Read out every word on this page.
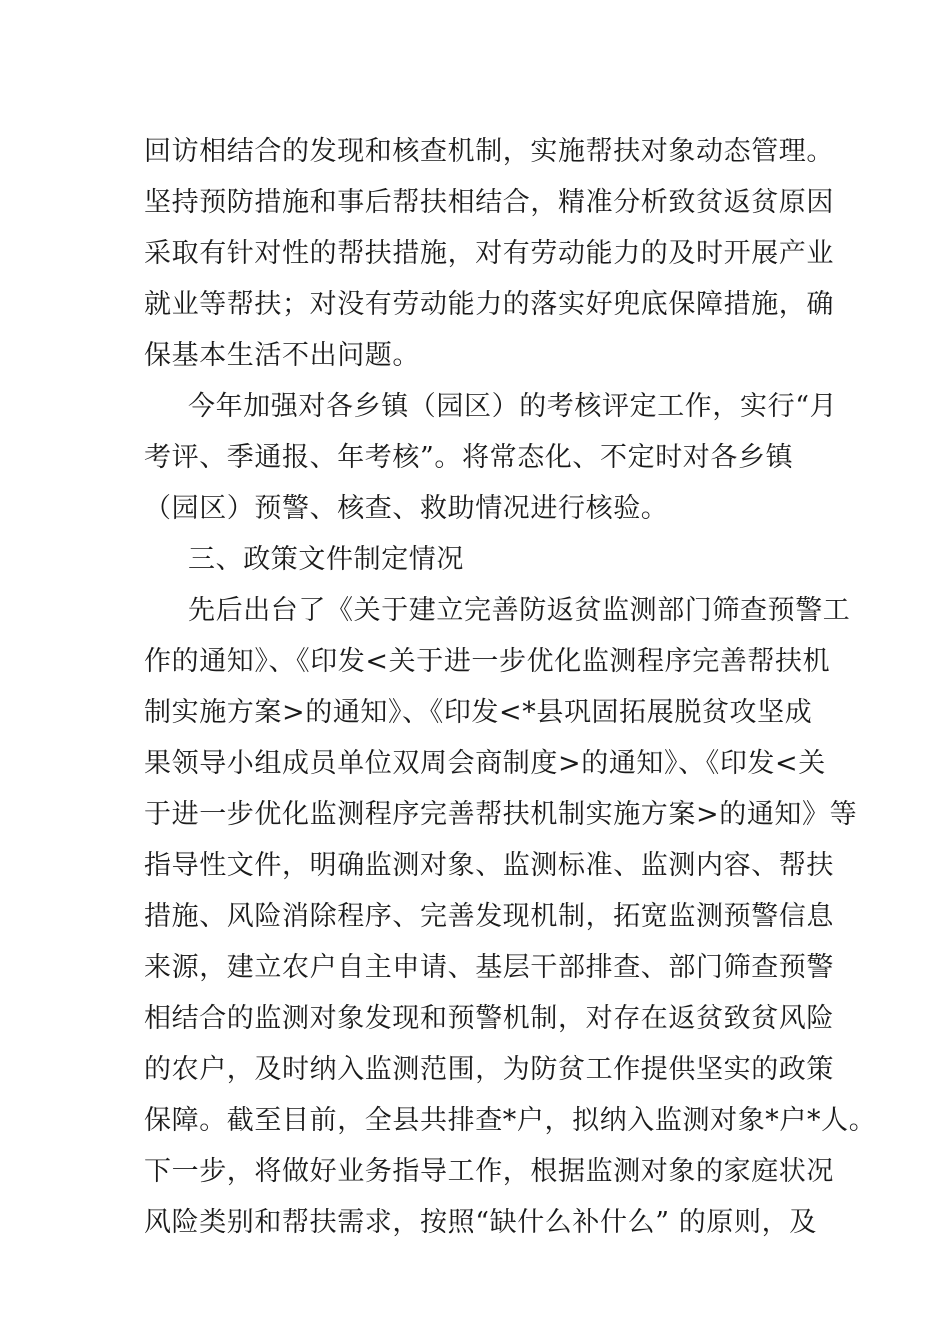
回访相结合的发现和核查机制，实施帮扶对象动态管理。
坚持预防措施和事后帮扶相结合，精准分析致贫返贫原因
采取有针对性的帮扶措施，对有劳动能力的及时开展产业
就业等帮扶；对没有劳动能力的落实好兜底保障措施，确
保基本生活不出问题。
今年加强对各乡镇（园区）的考核评定工作，实行“月
考评、季通报、年考核”。将常态化、不定时对各乡镇
（园区）预警、核查、救助情况进行核验。
三、政策文件制定情况
先后出台了《关于建立完善防返贫监测部门筛查预警工
作的通知》、《印发<关于进一步优化监测程序完善帮扶机
制实施方案>的通知》、《印发<*县巩固拓展脱贫攻坚成
果领导小组成员单位双周会商制度>的通知》、《印发<关
于进一步优化监测程序完善帮扶机制实施方案>的通知》等
指导性文件，明确监测对象、监测标准、监测内容、帮扶
措施、风险消除程序、完善发现机制，拓宽监测预警信息
来源，建立农户自主申请、基层干部排查、部门筛查预警
相结合的监测对象发现和预警机制，对存在返贫致贫风险
的农户，及时纳入监测范围，为防贫工作提供坚实的政策
保障。截至目前，全县共排查*户，拟纳入监测对象*户*人。
下一步，将做好业务指导工作，根据监测对象的家庭状况
风险类别和帮扶需求，按照“缺什么补什么” 的原则，及
